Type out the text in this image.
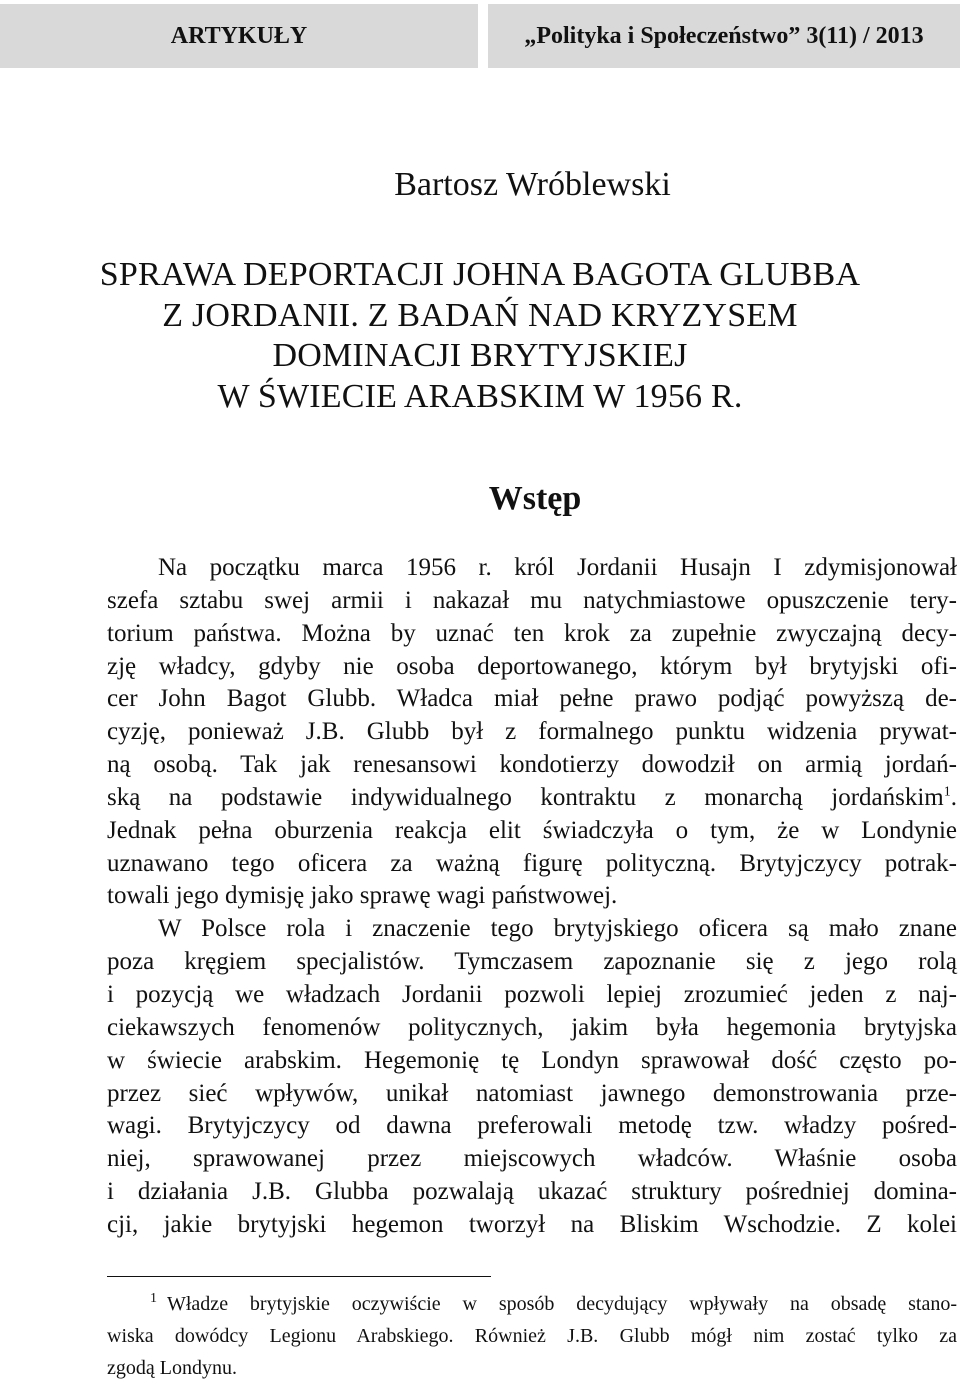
ARTYKUŁY	„Polityka i Społeczeństwo” 3(11) / 2013
Bartosz Wróblewski
SPRAWA DEPORTACJI JOHNA BAGOTA GLUBBA
Z JORDANII. Z BADAŃ NAD KRYZYSEM
DOMINACJI BRYTYJSKIEJ
W ŚWIECIE ARABSKIM W 1956 R.
Wstęp
Na początku marca 1956 r. król Jordanii Husajn I zdymisjonował
szefa sztabu swej armii i nakazał mu natychmiastowe opuszczenie tery-
torium państwa. Można by uznać ten krok za zupełnie zwyczajną decy-
zję władcy, gdyby nie osoba deportowanego, którym był brytyjski ofi-
cer John Bagot Glubb. Władca miał pełne prawo podjąć powyższą de-
cyzję, ponieważ J.B. Glubb był z formalnego punktu widzenia prywat-
ną osobą. Tak jak renesansowi kondotierzy dowodził on armią jordań-
ską na podstawie indywidualnego kontraktu z monarchą jordańskim$^1$.
Jednak pełna oburzenia reakcja elit świadczyła o tym, że w Londynie
uznawano tego oficera za ważną figurę polityczną. Brytyjczycy potrak-
towali jego dymisję jako sprawę wagi państwowej.
W Polsce rola i znaczenie tego brytyjskiego oficera są mało znane
poza kręgiem specjalistów. Tymczasem zapoznanie się z jego rolą
i pozycją we władzach Jordanii pozwoli lepiej zrozumieć jeden z naj-
ciekawszych fenomenów politycznych, jakim była hegemonia brytyjska
w świecie arabskim. Hegemonię tę Londyn sprawował dość często po-
przez sieć wpływów, unikał natomiast jawnego demonstrowania prze-
wagi. Brytyjczycy od dawna preferowali metodę tzw. władzy pośred-
niej, sprawowanej przez miejscowych władców. Właśnie osoba
i działania J.B. Glubba pozwalają ukazać struktury pośredniej domina-
cji, jakie brytyjski hegemon tworzył na Bliskim Wschodzie. Z kolei
$^1$ Władze brytyjskie oczywiście w sposób decydujący wpływały na obsadę stano-
wiska dowódcy Legionu Arabskiego. Również J.B. Glubb mógł nim zostać tylko za
zgodą Londynu.
